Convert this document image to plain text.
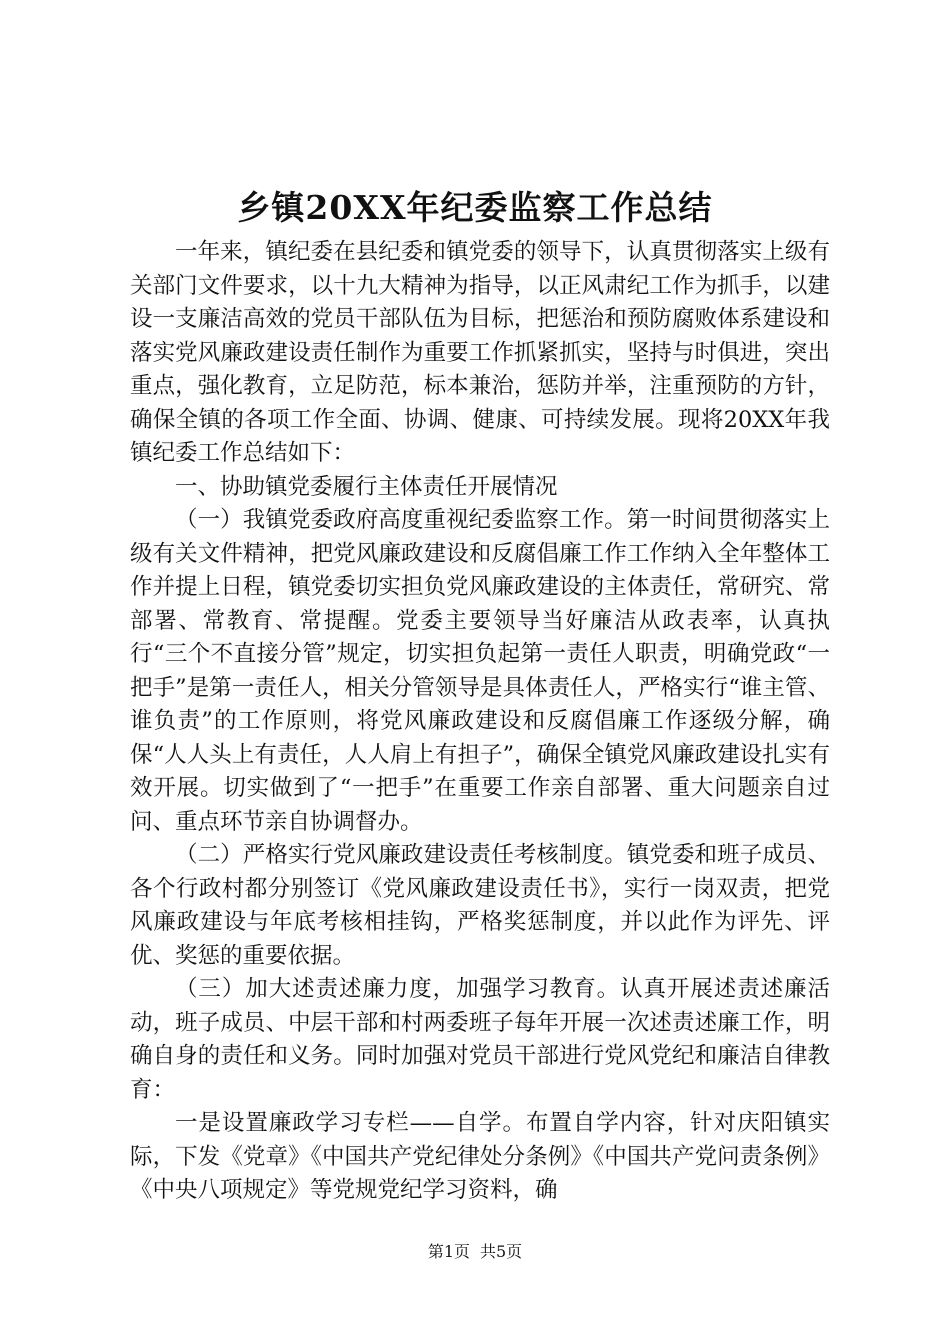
乡镇20XX年纪委监察工作总结

一年来，镇纪委在县纪委和镇党委的领导下，认真贯彻落实上级有关部门文件要求，以十九大精神为指导，以正风肃纪工作为抓手，以建设一支廉洁高效的党员干部队伍为目标，把惩治和预防腐败体系建设和落实党风廉政建设责任制作为重要工作抓紧抓实，坚持与时俱进，突出重点，强化教育，立足防范，标本兼治，惩防并举，注重预防的方针，确保全镇的各项工作全面、协调、健康、可持续发展。现将20XX年我镇纪委工作总结如下：

一、协助镇党委履行主体责任开展情况

（一）我镇党委政府高度重视纪委监察工作。第一时间贯彻落实上级有关文件精神，把党风廉政建设和反腐倡廉工作工作纳入全年整体工作并提上日程，镇党委切实担负党风廉政建设的主体责任，常研究、常部署、常教育、常提醒。党委主要领导当好廉洁从政表率，认真执行“三个不直接分管”规定，切实担负起第一责任人职责，明确党政“一把手”是第一责任人，相关分管领导是具体责任人，严格实行“谁主管、谁负责”的工作原则，将党风廉政建设和反腐倡廉工作逐级分解，确保“人人头上有责任，人人肩上有担子”，确保全镇党风廉政建设扎实有效开展。切实做到了“一把手”在重要工作亲自部署、重大问题亲自过问、重点环节亲自协调督办。

（二）严格实行党风廉政建设责任考核制度。镇党委和班子成员、各个行政村都分别签订《党风廉政建设责任书》，实行一岗双责，把党风廉政建设与年底考核相挂钩，严格奖惩制度，并以此作为评先、评优、奖惩的重要依据。

（三）加大述责述廉力度，加强学习教育。认真开展述责述廉活动，班子成员、中层干部和村两委班子每年开展一次述责述廉工作，明确自身的责任和义务。同时加强对党员干部进行党风党纪和廉洁自律教育：

一是设置廉政学习专栏——自学。布置自学内容，针对庆阳镇实际，下发《党章》《中国共产党纪律处分条例》《中国共产党问责条例》《中央八项规定》等党规党纪学习资料，确

第1页 共5页
